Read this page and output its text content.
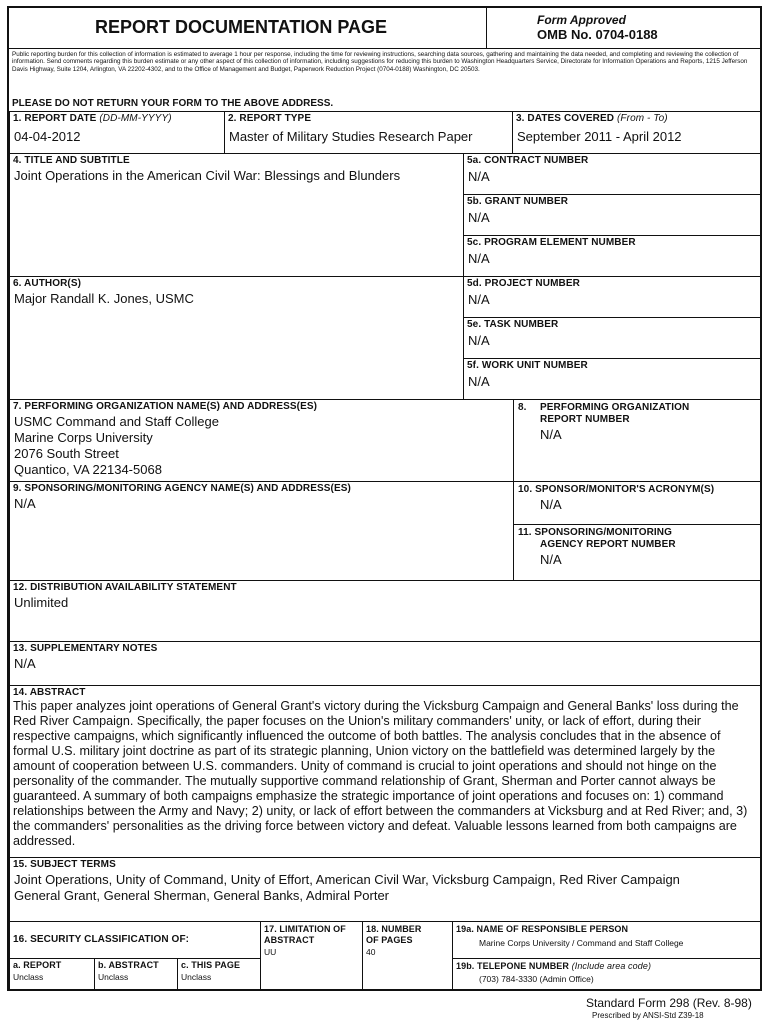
REPORT DOCUMENTATION PAGE	Form Approved
OMB No. 0704-0188
Public reporting burden for this collection of information is estimated to average 1 hour per response, including the time for reviewing instructions, searching data sources, gathering and maintaining the data needed, and completing and reviewing the collection of information. Send comments regarding this burden estimate or any other aspect of this collection of information, including suggestions for reducing this burden to Washington Headquarters Service, Directorate for Information Operations and Reports, 1215 Jefferson Davis Highway, Suite 1204, Arlington, VA 22202-4302, and to the Office of Management and Budget, Paperwork Reduction Project (0704-0188) Washington, DC 20503.
PLEASE DO NOT RETURN YOUR FORM TO THE ABOVE ADDRESS.
1. REPORT DATE (DD-MM-YYYY)
04-04-2012
2. REPORT TYPE
Master of Military Studies Research Paper
3. DATES COVERED (From - To)
September 2011 - April 2012
4. TITLE AND SUBTITLE
Joint Operations in the American Civil War: Blessings and Blunders
5a. CONTRACT NUMBER
N/A
5b. GRANT NUMBER
N/A
5c. PROGRAM ELEMENT NUMBER
N/A
6. AUTHOR(S)
Major Randall K. Jones, USMC
5d. PROJECT NUMBER
N/A
5e. TASK NUMBER
N/A
5f. WORK UNIT NUMBER
N/A
7. PERFORMING ORGANIZATION NAME(S) AND ADDRESS(ES)
USMC Command and Staff College
Marine Corps University
2076 South Street
Quantico, VA 22134-5068
8. PERFORMING ORGANIZATION
REPORT NUMBER
N/A
9. SPONSORING/MONITORING AGENCY NAME(S) AND ADDRESS(ES)
N/A
10. SPONSOR/MONITOR'S ACRONYM(S)
N/A
11. SPONSORING/MONITORING
AGENCY REPORT NUMBER
N/A
12. DISTRIBUTION AVAILABILITY STATEMENT
Unlimited
13. SUPPLEMENTARY NOTES
N/A
14. ABSTRACT
This paper analyzes joint operations of General Grant's victory during the Vicksburg Campaign and General Banks' loss during the Red River Campaign. Specifically, the paper focuses on the Union's military commanders' unity, or lack of effort, during their respective campaigns, which significantly influenced the outcome of both battles. The analysis concludes that in the absence of formal U.S. military joint doctrine as part of its strategic planning, Union victory on the battlefield was determined largely by the amount of cooperation between U.S. commanders. Unity of command is crucial to joint operations and should not hinge on the personality of the commander. The mutually supportive command relationship of Grant, Sherman and Porter cannot always be guaranteed. A summary of both campaigns emphasize the strategic importance of joint operations and focuses on: 1) command relationships between the Army and Navy; 2) unity, or lack of effort between the commanders at Vicksburg and at Red River; and, 3) the commanders' personalities as the driving force between victory and defeat. Valuable lessons learned from both campaigns are addressed.
15. SUBJECT TERMS
Joint Operations, Unity of Command, Unity of Effort, American Civil War, Vicksburg Campaign, Red River Campaign
General Grant, General Sherman, General Banks, Admiral Porter
16. SECURITY CLASSIFICATION OF:
a. REPORT
Unclass
b. ABSTRACT
Unclass
c. THIS PAGE
Unclass
17. LIMITATION OF
ABSTRACT
UU
18. NUMBER
OF PAGES
40
19a. NAME OF RESPONSIBLE PERSON
Marine Corps University / Command and Staff College
19b. TELEPONE NUMBER (Include area code)
(703) 784-3330 (Admin Office)
Standard Form 298 (Rev. 8-98)
Prescribed by ANSI-Std Z39-18
